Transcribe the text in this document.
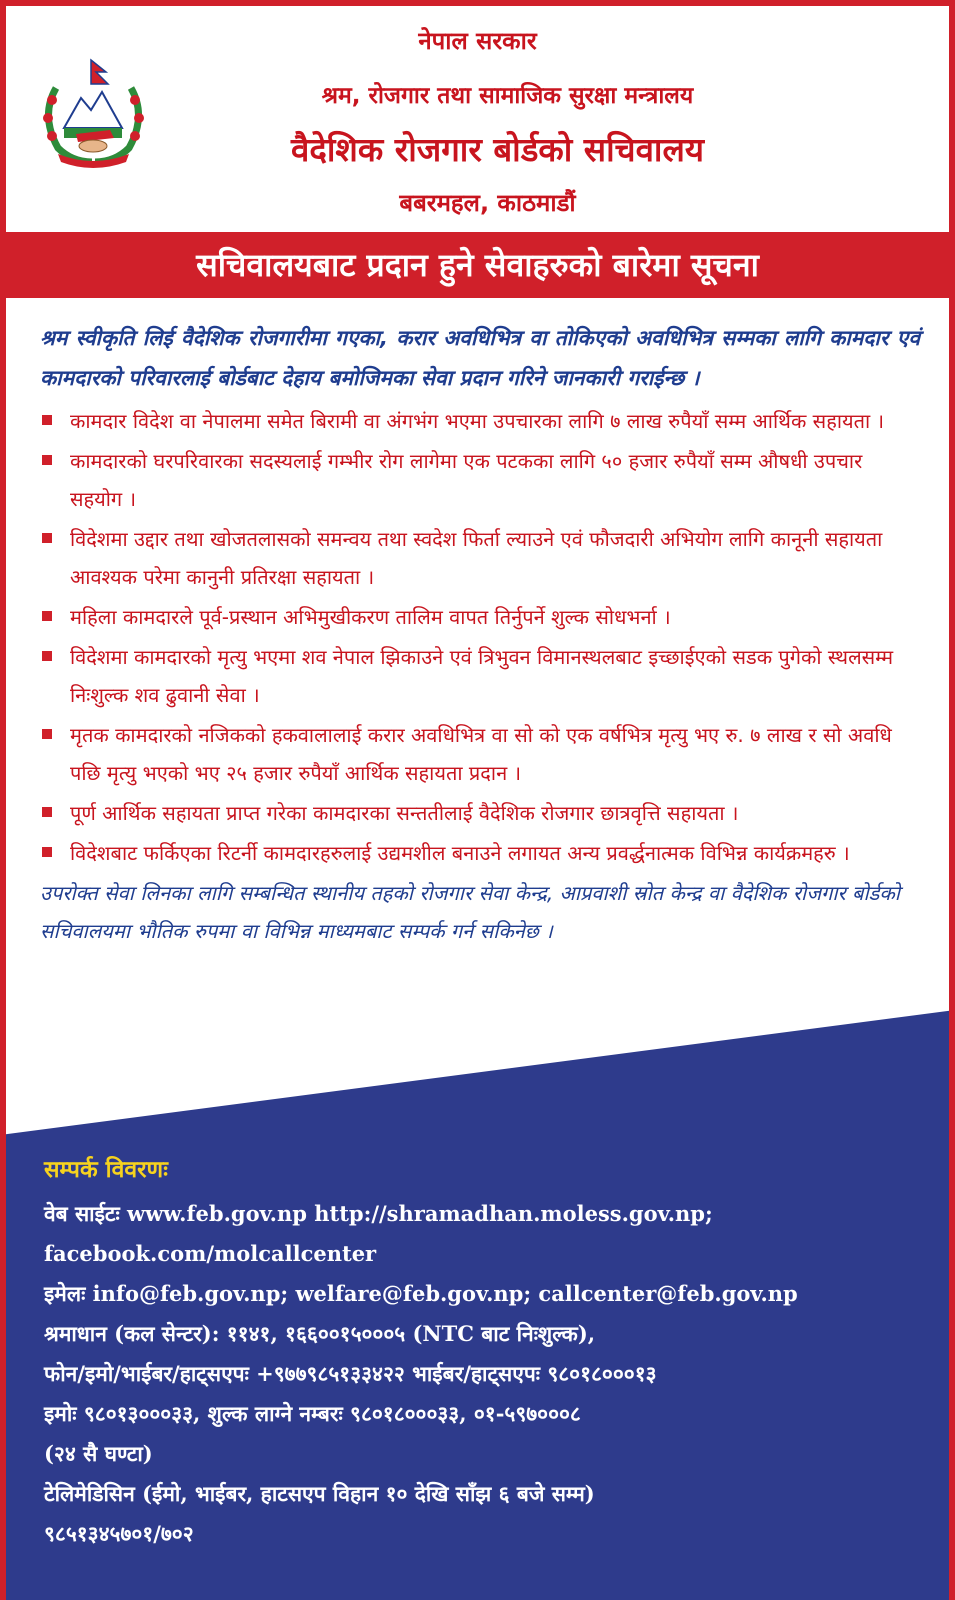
नेपाल सरकार
श्रम, रोजगार तथा सामाजिक सुरक्षा मन्त्रालय
वैदेशिक रोजगार बोर्डको सचिवालय
बबरमहल, काठमाडौं
सचिवालयबाट प्रदान हुने सेवाहरुको बारेमा सूचना

श्रम स्वीकृति लिई वैदेशिक रोजगारीमा गएका, करार अवधिभित्र वा तोकिएको अवधिभित्र सम्मका लागि कामदार एवं कामदारको परिवारलाई बोर्डबाट देहाय बमोजिमका सेवा प्रदान गरिने जानकारी गराईन्छ ।

कामदार विदेश वा नेपालमा समेत बिरामी वा अंगभंग भएमा उपचारका लागि ७ लाख रुपैयाँ सम्म आर्थिक सहायता ।
कामदारको घरपरिवारका सदस्यलाई गम्भीर रोग लागेमा एक पटकका लागि ५० हजार रुपैयाँ सम्म औषधी उपचार सहयोग ।
विदेशमा उद्दार तथा खोजतलासको समन्वय तथा स्वदेश फिर्ता ल्याउने एवं फौजदारी अभियोग लागि कानूनी सहायता आवश्यक परेमा कानुनी प्रतिरक्षा सहायता ।
महिला कामदारले पूर्व-प्रस्थान अभिमुखीकरण तालिम वापत तिर्नुपर्ने शुल्क सोधभर्ना ।
विदेशमा कामदारको मृत्यु भएमा शव नेपाल झिकाउने एवं त्रिभुवन विमानस्थलबाट इच्छाईएको सडक पुगेको स्थलसम्म निःशुल्क शव ढुवानी सेवा ।
मृतक कामदारको नजिकको हकवालालाई करार अवधिभित्र वा सो को एक वर्षभित्र मृत्यु भए रु. ७ लाख र सो अवधि पछि मृत्यु भएको भए २५ हजार रुपैयाँ आर्थिक सहायता प्रदान ।
पूर्ण आर्थिक सहायता प्राप्त गरेका कामदारका सन्ततीलाई वैदेशिक रोजगार छात्रवृत्ति सहायता ।
विदेशबाट फर्किएका रिटर्नी कामदारहरुलाई उद्यमशील बनाउने लगायत अन्य प्रवर्द्धनात्मक विभिन्न कार्यक्रमहरु ।
उपरोक्त सेवा लिनका लागि सम्बन्धित स्थानीय तहको रोजगार सेवा केन्द्र, आप्रवाशी स्रोत केन्द्र वा वैदेशिक रोजगार बोर्डको सचिवालयमा भौतिक रुपमा वा विभिन्न माध्यमबाट सम्पर्क गर्न सकिनेछ ।
सम्पर्क विवरणः
वेब साईटः www.feb.gov.np http://shramadhan.moless.gov.np;
facebook.com/molcallcenter
इमेलः info@feb.gov.np; welfare@feb.gov.np; callcenter@feb.gov.np
श्रमाधान (कल सेन्टर): ११४१, १६६००१५०००५ (NTC बाट निःशुल्क),
फोन/इमो/भाईबर/हाट्सएपः +९७७९८५१३३४२२ भाईबर/हाट्सएपः ९८०१८०००१३
इमोः ९८०१३०००३३, शुल्क लाग्ने नम्बरः ९८०१८०००३३, ०१-५९७०००८
(२४ सै घण्टा)
टेलिमेडिसिन (ईमो, भाईबर, हाटसएप विहान १० देखि साँझ ६ बजे सम्म)
९८५१३४५७०१/७०२
